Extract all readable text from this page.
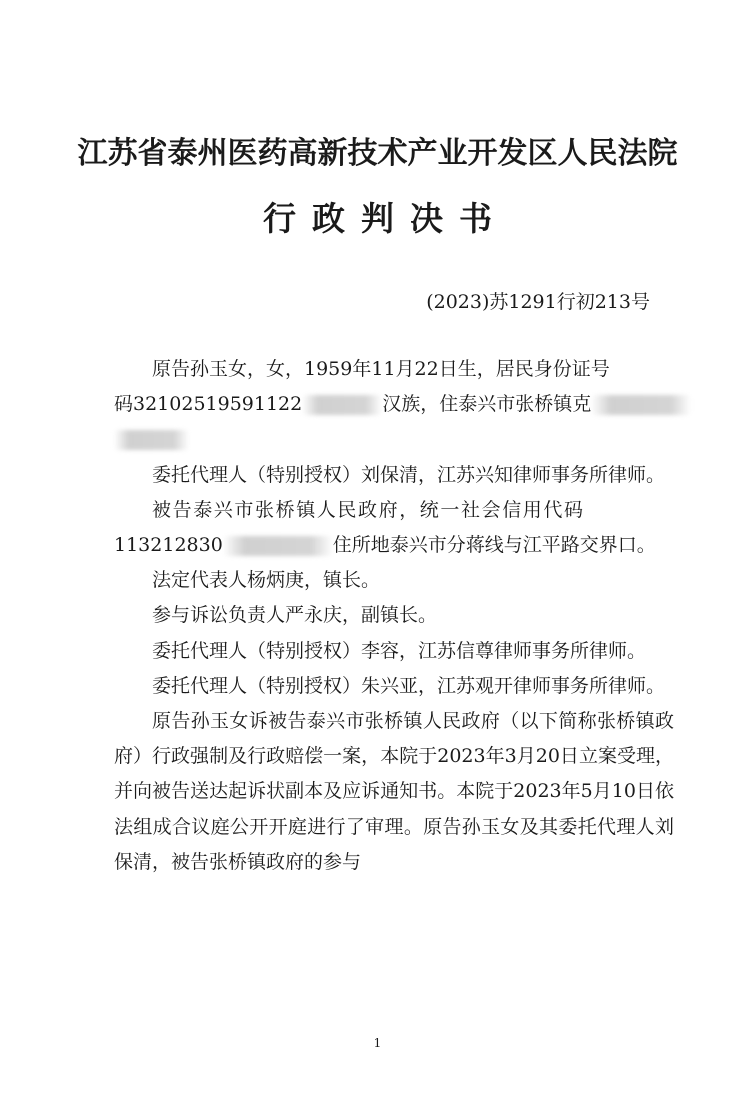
江苏省泰州医药高新技术产业开发区人民法院
行政判决书
(2023)苏1291行初213号

原告孙玉女，女，1959年11月22日生，居民身份证号
码32102519591122	汉族，住泰兴市张桥镇克

委托代理人（特别授权）刘保清，江苏兴知律师事务所律师。

被告泰兴市张桥镇人民政府，统一社会信用代码
113212830	住所地泰兴市分蒋线与江平路交界口。

法定代表人杨炳庚，镇长。

参与诉讼负责人严永庆，副镇长。

委托代理人（特别授权）李容，江苏信尊律师事务所律师。

委托代理人（特别授权）朱兴亚，江苏观开律师事务所律师。

原告孙玉女诉被告泰兴市张桥镇人民政府（以下简称张桥镇政府）行政强制及行政赔偿一案，本院于2023年3月20日立案受理，并向被告送达起诉状副本及应诉通知书。本院于2023年5月10日依法组成合议庭公开开庭进行了审理。原告孙玉女及其委托代理人刘保清，被告张桥镇政府的参与

1
